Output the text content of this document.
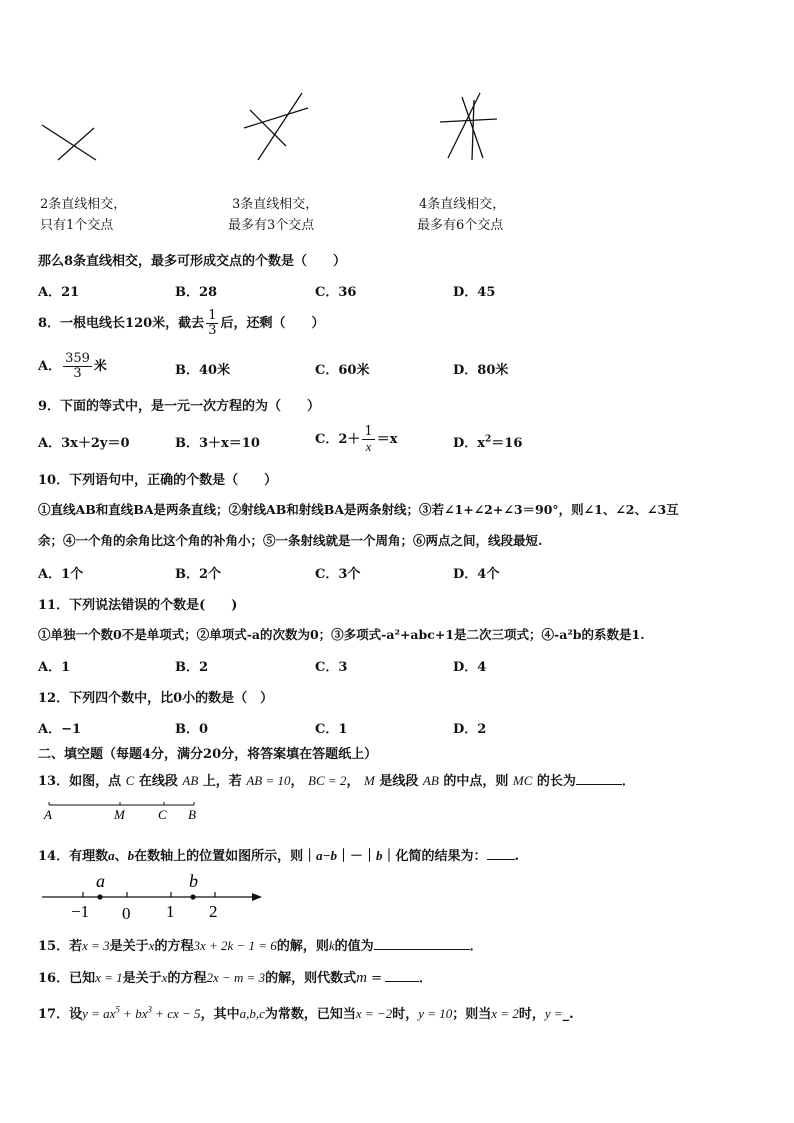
2条直线相交，
只有1个交点
3条直线相交，
最多有3个交点
4条直线相交，
最多有6个交点
那么8条直线相交，最多可形成交点的个数是（　　）
A．21	B．28	C．36	D．45
8．一根电线长120米，截去 $\frac{1}{3}$ 后，还剩（　　）
A． $\frac{359}{3}$ 米	B．40米	C．60米	D．80米
9．下面的等式中，是一元一次方程的为（　　）
A．3x＋2y＝0	B．3＋x＝10	C．$2+ \frac{1}{x} =x$	D．$x^2=16$
10．下列语句中，正确的个数是（　　）
①直线AB和直线BA是两条直线；②射线AB和射线BA是两条射线；③若∠1+∠2+∠3＝90°，则∠1、∠2、∠3互
余；④一个角的余角比这个角的补角小；⑤一条射线就是一个周角；⑥两点之间，线段最短.
A．1个	B．2个	C．3个	D．4个
11．下列说法错误的个数是(　　)
①单独一个数0不是单项式；②单项式-a的次数为0；③多项式-a²+abc+1是二次三项式；④-a²b的系数是1.
A．1	B．2	C．3	D．4
12．下列四个数中，比0小的数是（　）
A．−1	B．0	C．1	D．2
二、填空题（每题4分，满分20分，将答案填在答题纸上）
13．如图，点 C 在线段 AB 上，若 AB = 10， BC = 2， M 是线段 AB 的中点，则 MC 的长为	．
A	M	C B
14．有理数a、b在数轴上的位置如图所示，则｜a−b｜－｜b｜化简的结果为： .
a	b
−1 0 1 2
15．若x = 3是关于x的方程3x + 2k − 1 = 6的解，则k的值为	．
16．已知x = 1是关于x的方程2x − m = 3的解，则代数式m =	．
17．设$y = ax^5 + bx^3$ + cx − 5，其中a,b,c为常数，已知当x = −2时，y = 10；则当x = 2时，y =_.
